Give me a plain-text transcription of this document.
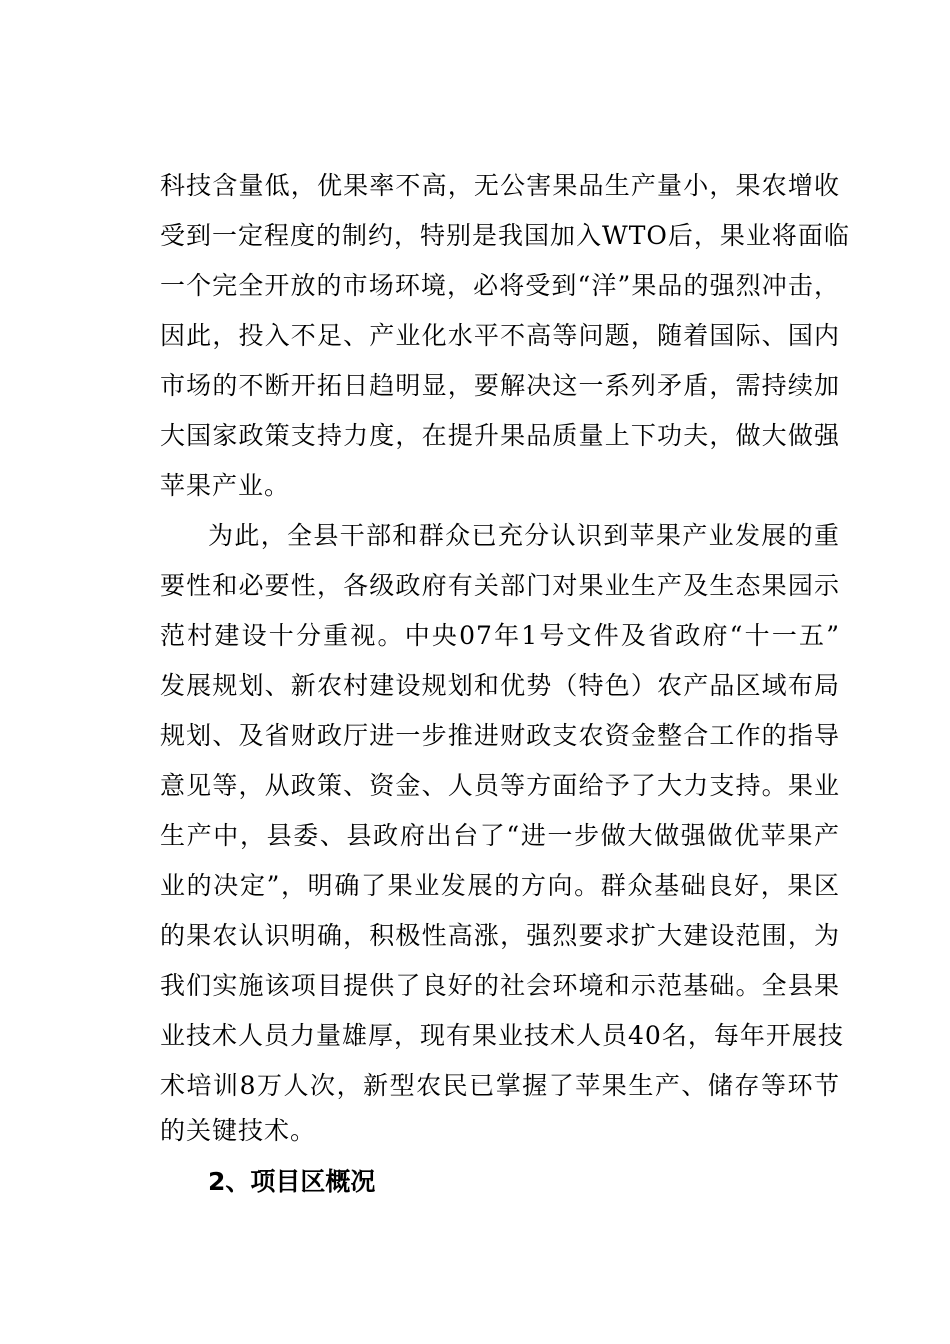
科技含量低，优果率不高，无公害果品生产量小，果农增收
受到一定程度的制约，特别是我国加入WTO后，果业将面临
一个完全开放的市场环境，必将受到“洋”果品的强烈冲击，
因此，投入不足、产业化水平不高等问题，随着国际、国内
市场的不断开拓日趋明显，要解决这一系列矛盾，需持续加
大国家政策支持力度，在提升果品质量上下功夫，做大做强
苹果产业。
为此，全县干部和群众已充分认识到苹果产业发展的重
要性和必要性，各级政府有关部门对果业生产及生态果园示
范村建设十分重视。中央07年1号文件及省政府“十一五”
发展规划、新农村建设规划和优势（特色）农产品区域布局
规划、及省财政厅进一步推进财政支农资金整合工作的指导
意见等，从政策、资金、人员等方面给予了大力支持。果业
生产中，县委、县政府出台了“进一步做大做强做优苹果产
业的决定”，明确了果业发展的方向。群众基础良好，果区
的果农认识明确，积极性高涨，强烈要求扩大建设范围，为
我们实施该项目提供了良好的社会环境和示范基础。全县果
业技术人员力量雄厚，现有果业技术人员40名，每年开展技
术培训8万人次，新型农民已掌握了苹果生产、储存等环节
的关键技术。
2、项目区概况
